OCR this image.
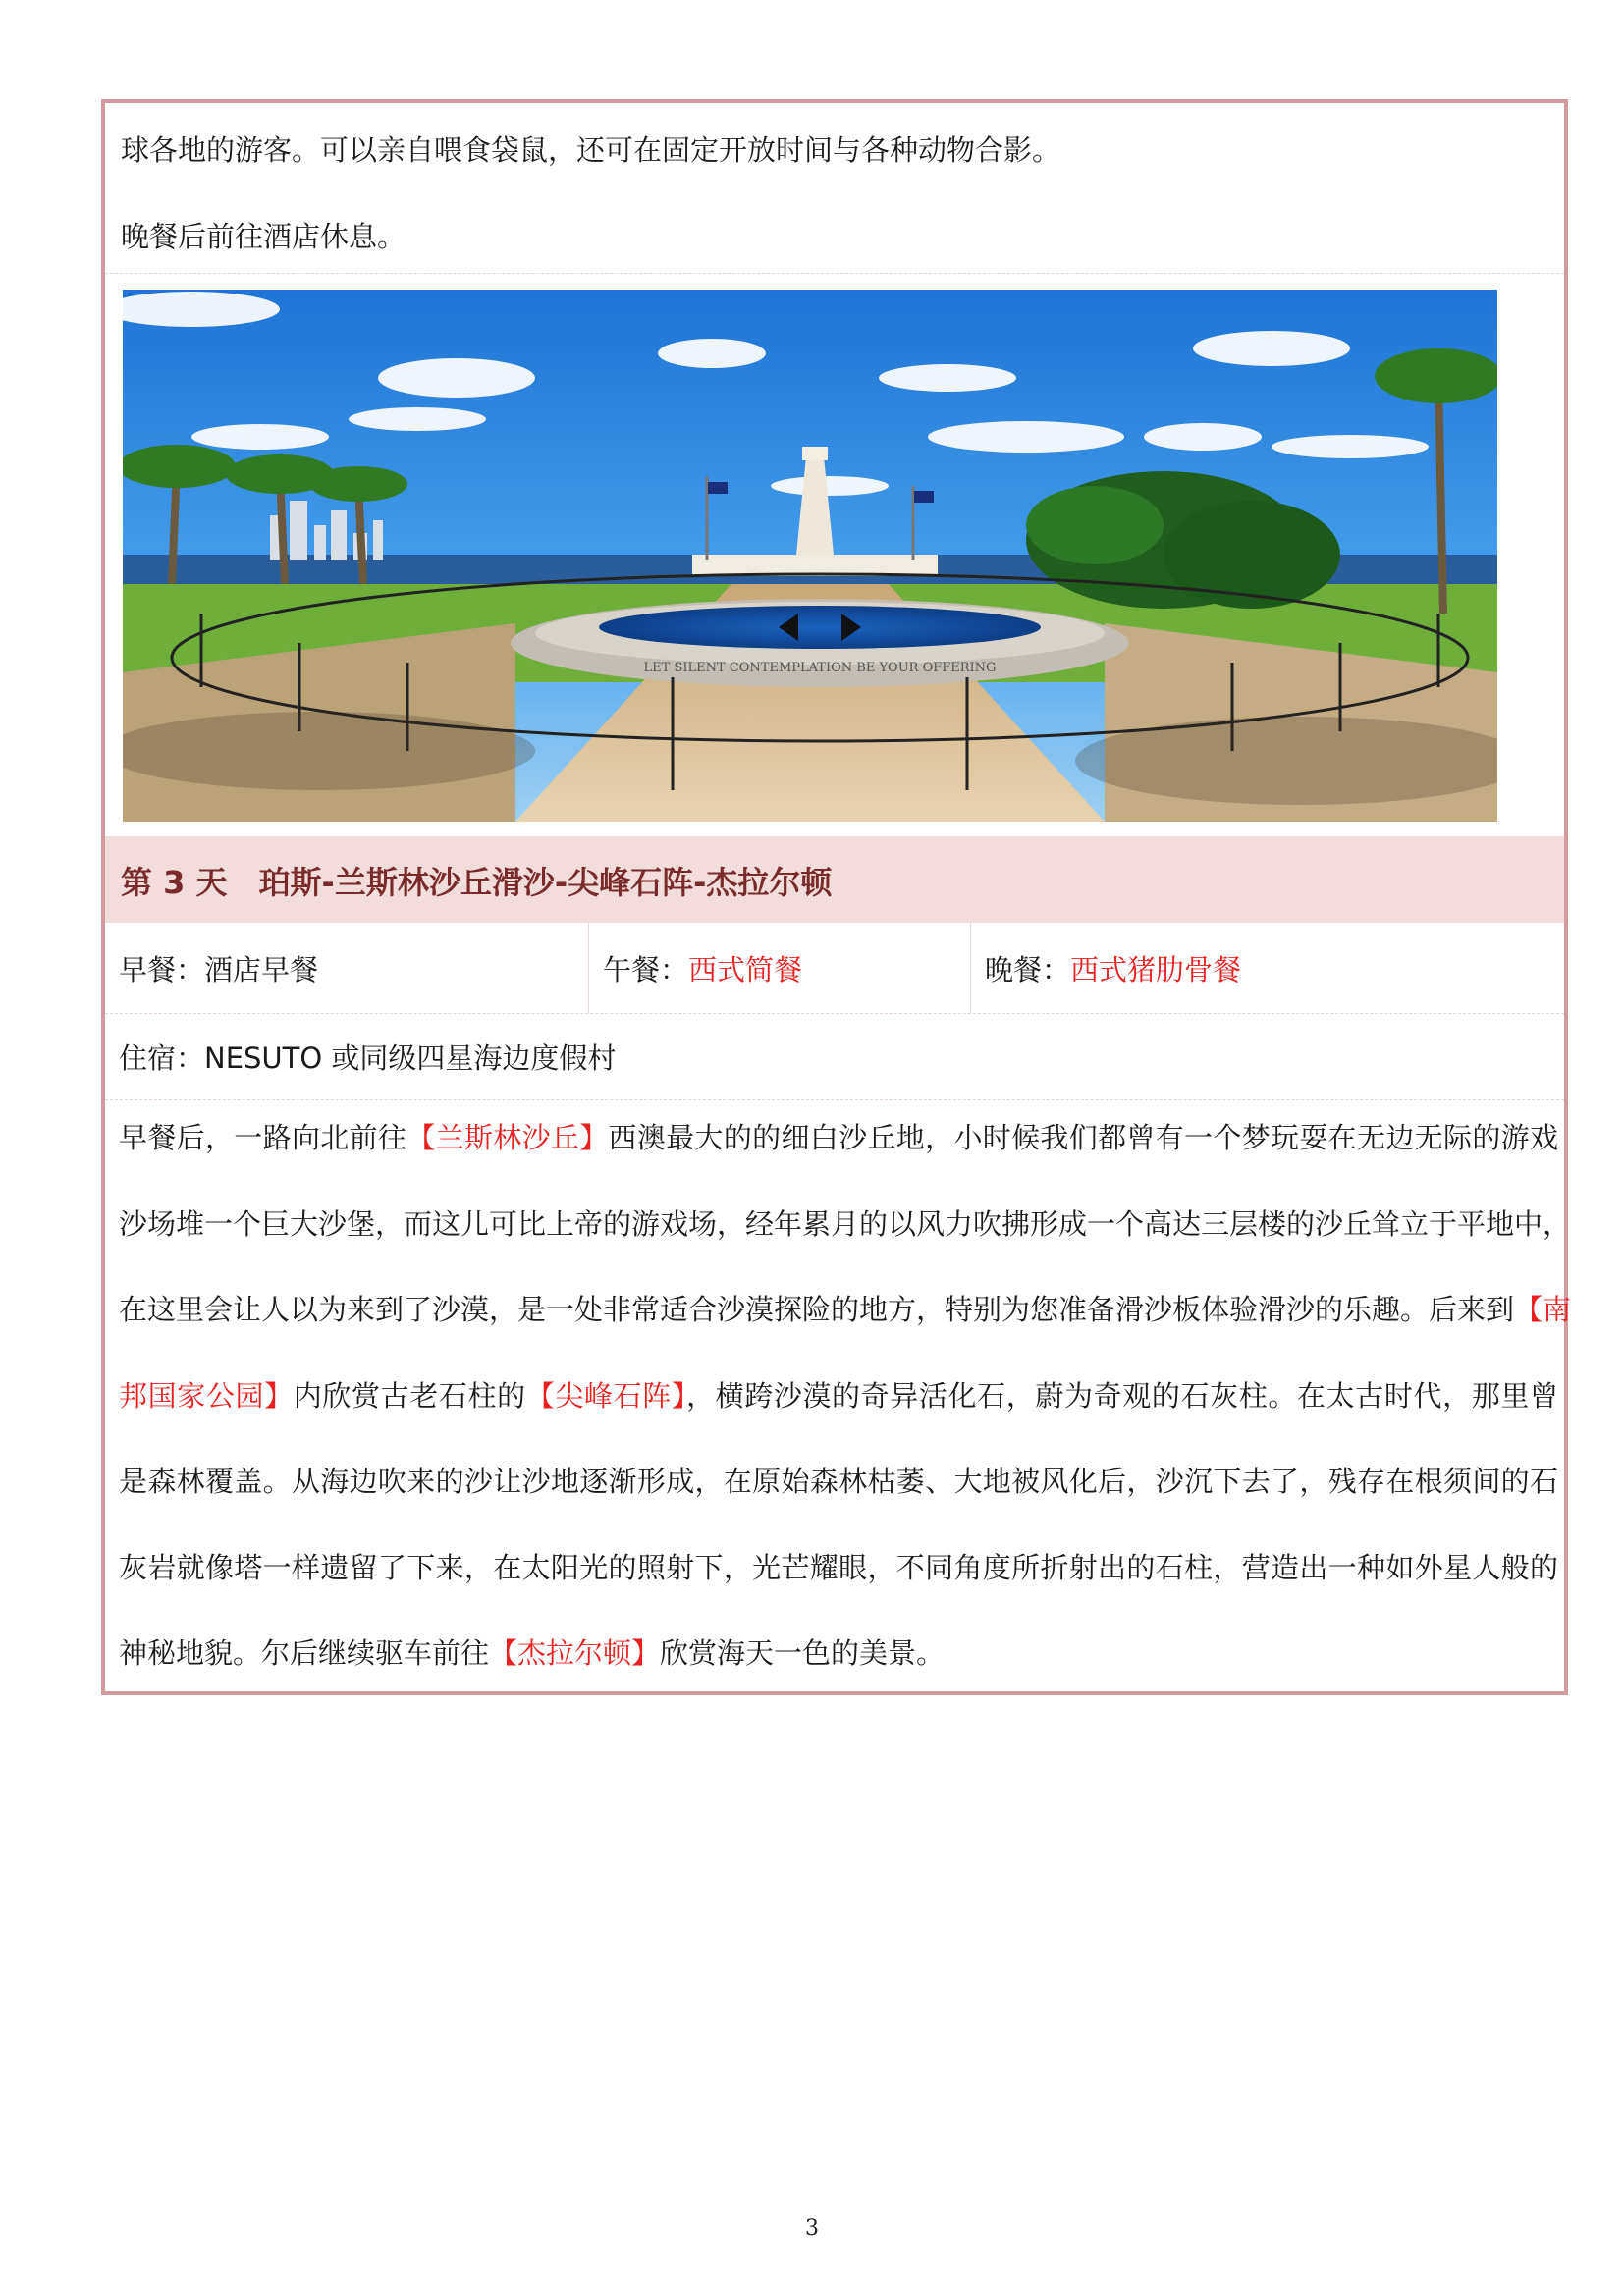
球各地的游客。可以亲自喂食袋鼠，还可在固定开放时间与各种动物合影。
晚餐后前往酒店休息。
LET SILENT CONTEMPLATION BE YOUR OFFERING
第 3 天　珀斯-兰斯林沙丘滑沙-尖峰石阵-杰拉尔顿
早餐：酒店早餐	午餐：西式简餐	晚餐：西式猪肋骨餐
住宿：NESUTO 或同级四星海边度假村
早餐后，一路向北前往【兰斯林沙丘】西澳最大的的细白沙丘地，小时候我们都曾有一个梦玩耍在无边无际的游戏
沙场堆一个巨大沙堡，而这儿可比上帝的游戏场，经年累月的以风力吹拂形成一个高达三层楼的沙丘耸立于平地中，
在这里会让人以为来到了沙漠，是一处非常适合沙漠探险的地方，特别为您准备滑沙板体验滑沙的乐趣。后来到【南
邦国家公园】内欣赏古老石柱的【尖峰石阵】，横跨沙漠的奇异活化石，蔚为奇观的石灰柱。在太古时代，那里曾
是森林覆盖。从海边吹来的沙让沙地逐渐形成，在原始森林枯萎、大地被风化后，沙沉下去了，残存在根须间的石
灰岩就像塔一样遗留了下来，在太阳光的照射下，光芒耀眼，不同角度所折射出的石柱，营造出一种如外星人般的
神秘地貌。尔后继续驱车前往【杰拉尔顿】欣赏海天一色的美景。
3
